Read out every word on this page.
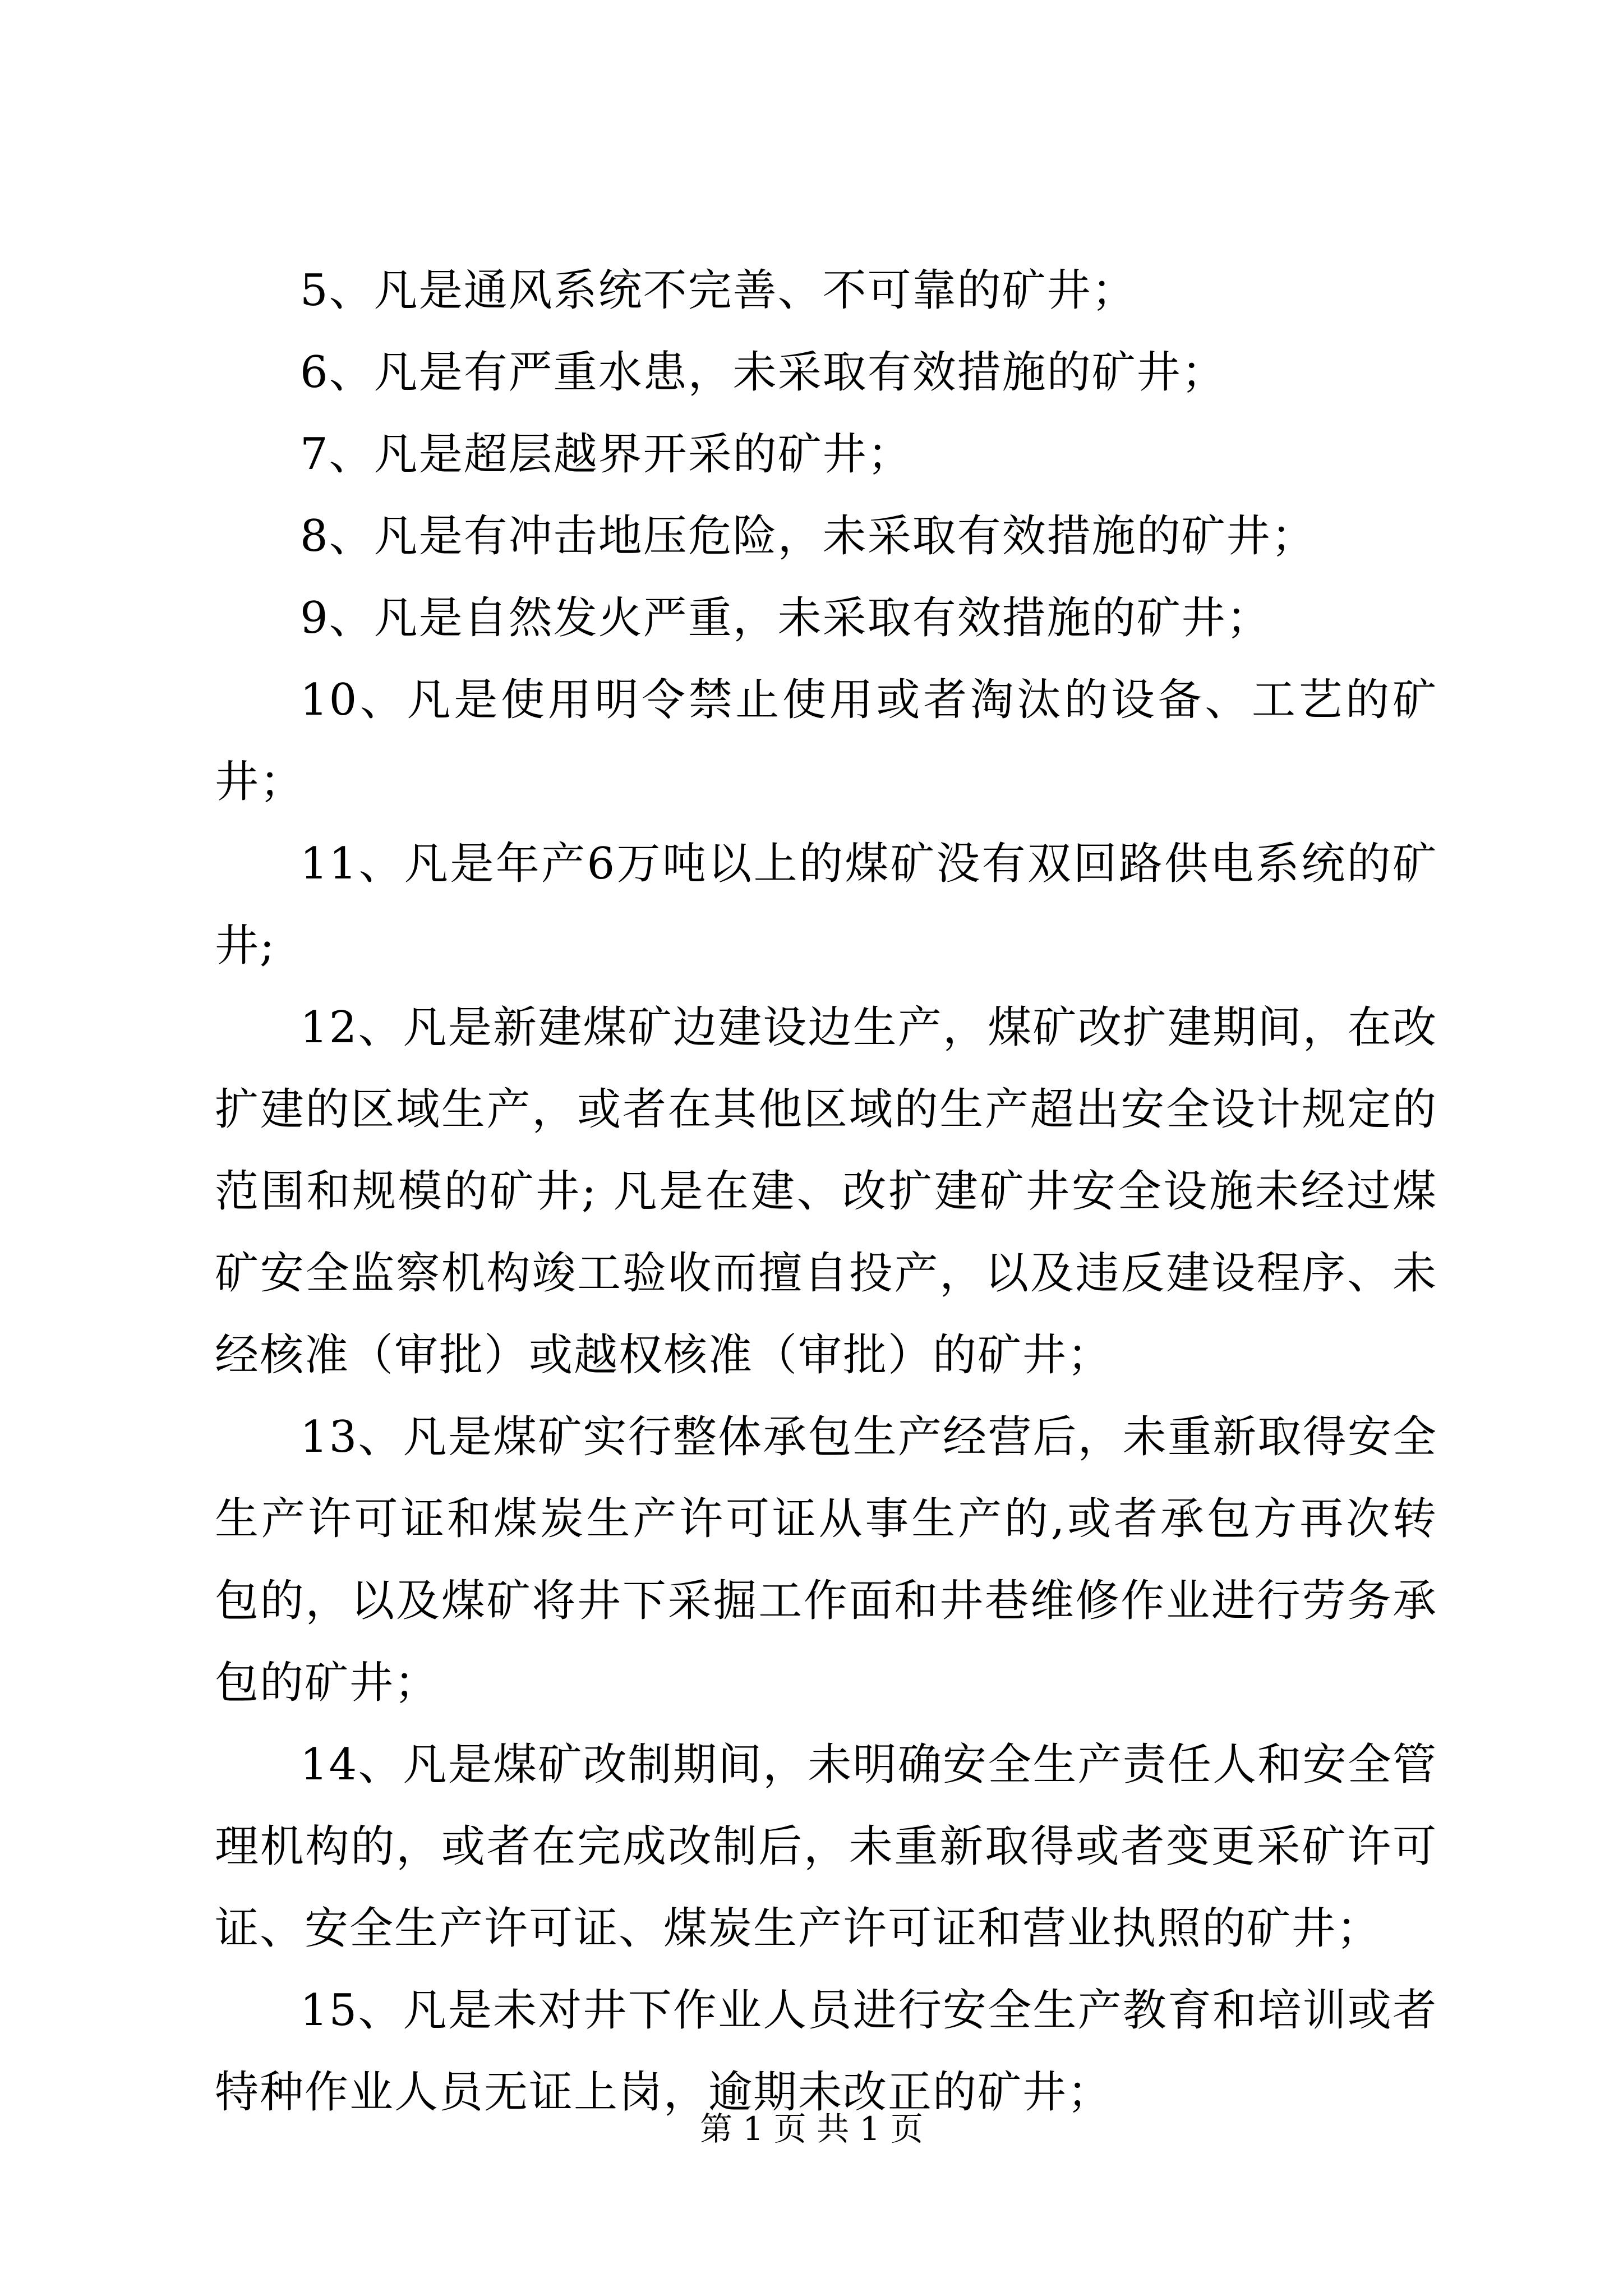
5、凡是通风系统不完善、不可靠的矿井；

6、凡是有严重水患，未采取有效措施的矿井；

7、凡是超层越界开采的矿井；

8、凡是有冲击地压危险，未采取有效措施的矿井；

9、凡是自然发火严重，未采取有效措施的矿井；

10、凡是使用明令禁止使用或者淘汰的设备、工艺的矿井；

11、凡是年产6万吨以上的煤矿没有双回路供电系统的矿井;

12、凡是新建煤矿边建设边生产，煤矿改扩建期间，在改扩建的区域生产，或者在其他区域的生产超出安全设计规定的范围和规模的矿井; 凡是在建、改扩建矿井安全设施未经过煤矿安全监察机构竣工验收而擅自投产，以及违反建设程序、未经核准（审批）或越权核准（审批）的矿井；

13、凡是煤矿实行整体承包生产经营后，未重新取得安全生产许可证和煤炭生产许可证从事生产的,或者承包方再次转包的，以及煤矿将井下采掘工作面和井巷维修作业进行劳务承包的矿井；

14、凡是煤矿改制期间，未明确安全生产责任人和安全管理机构的，或者在完成改制后，未重新取得或者变更采矿许可证、安全生产许可证、煤炭生产许可证和营业执照的矿井；

15、凡是未对井下作业人员进行安全生产教育和培训或者特种作业人员无证上岗，逾期未改正的矿井；

第 1 页 共 1 页
